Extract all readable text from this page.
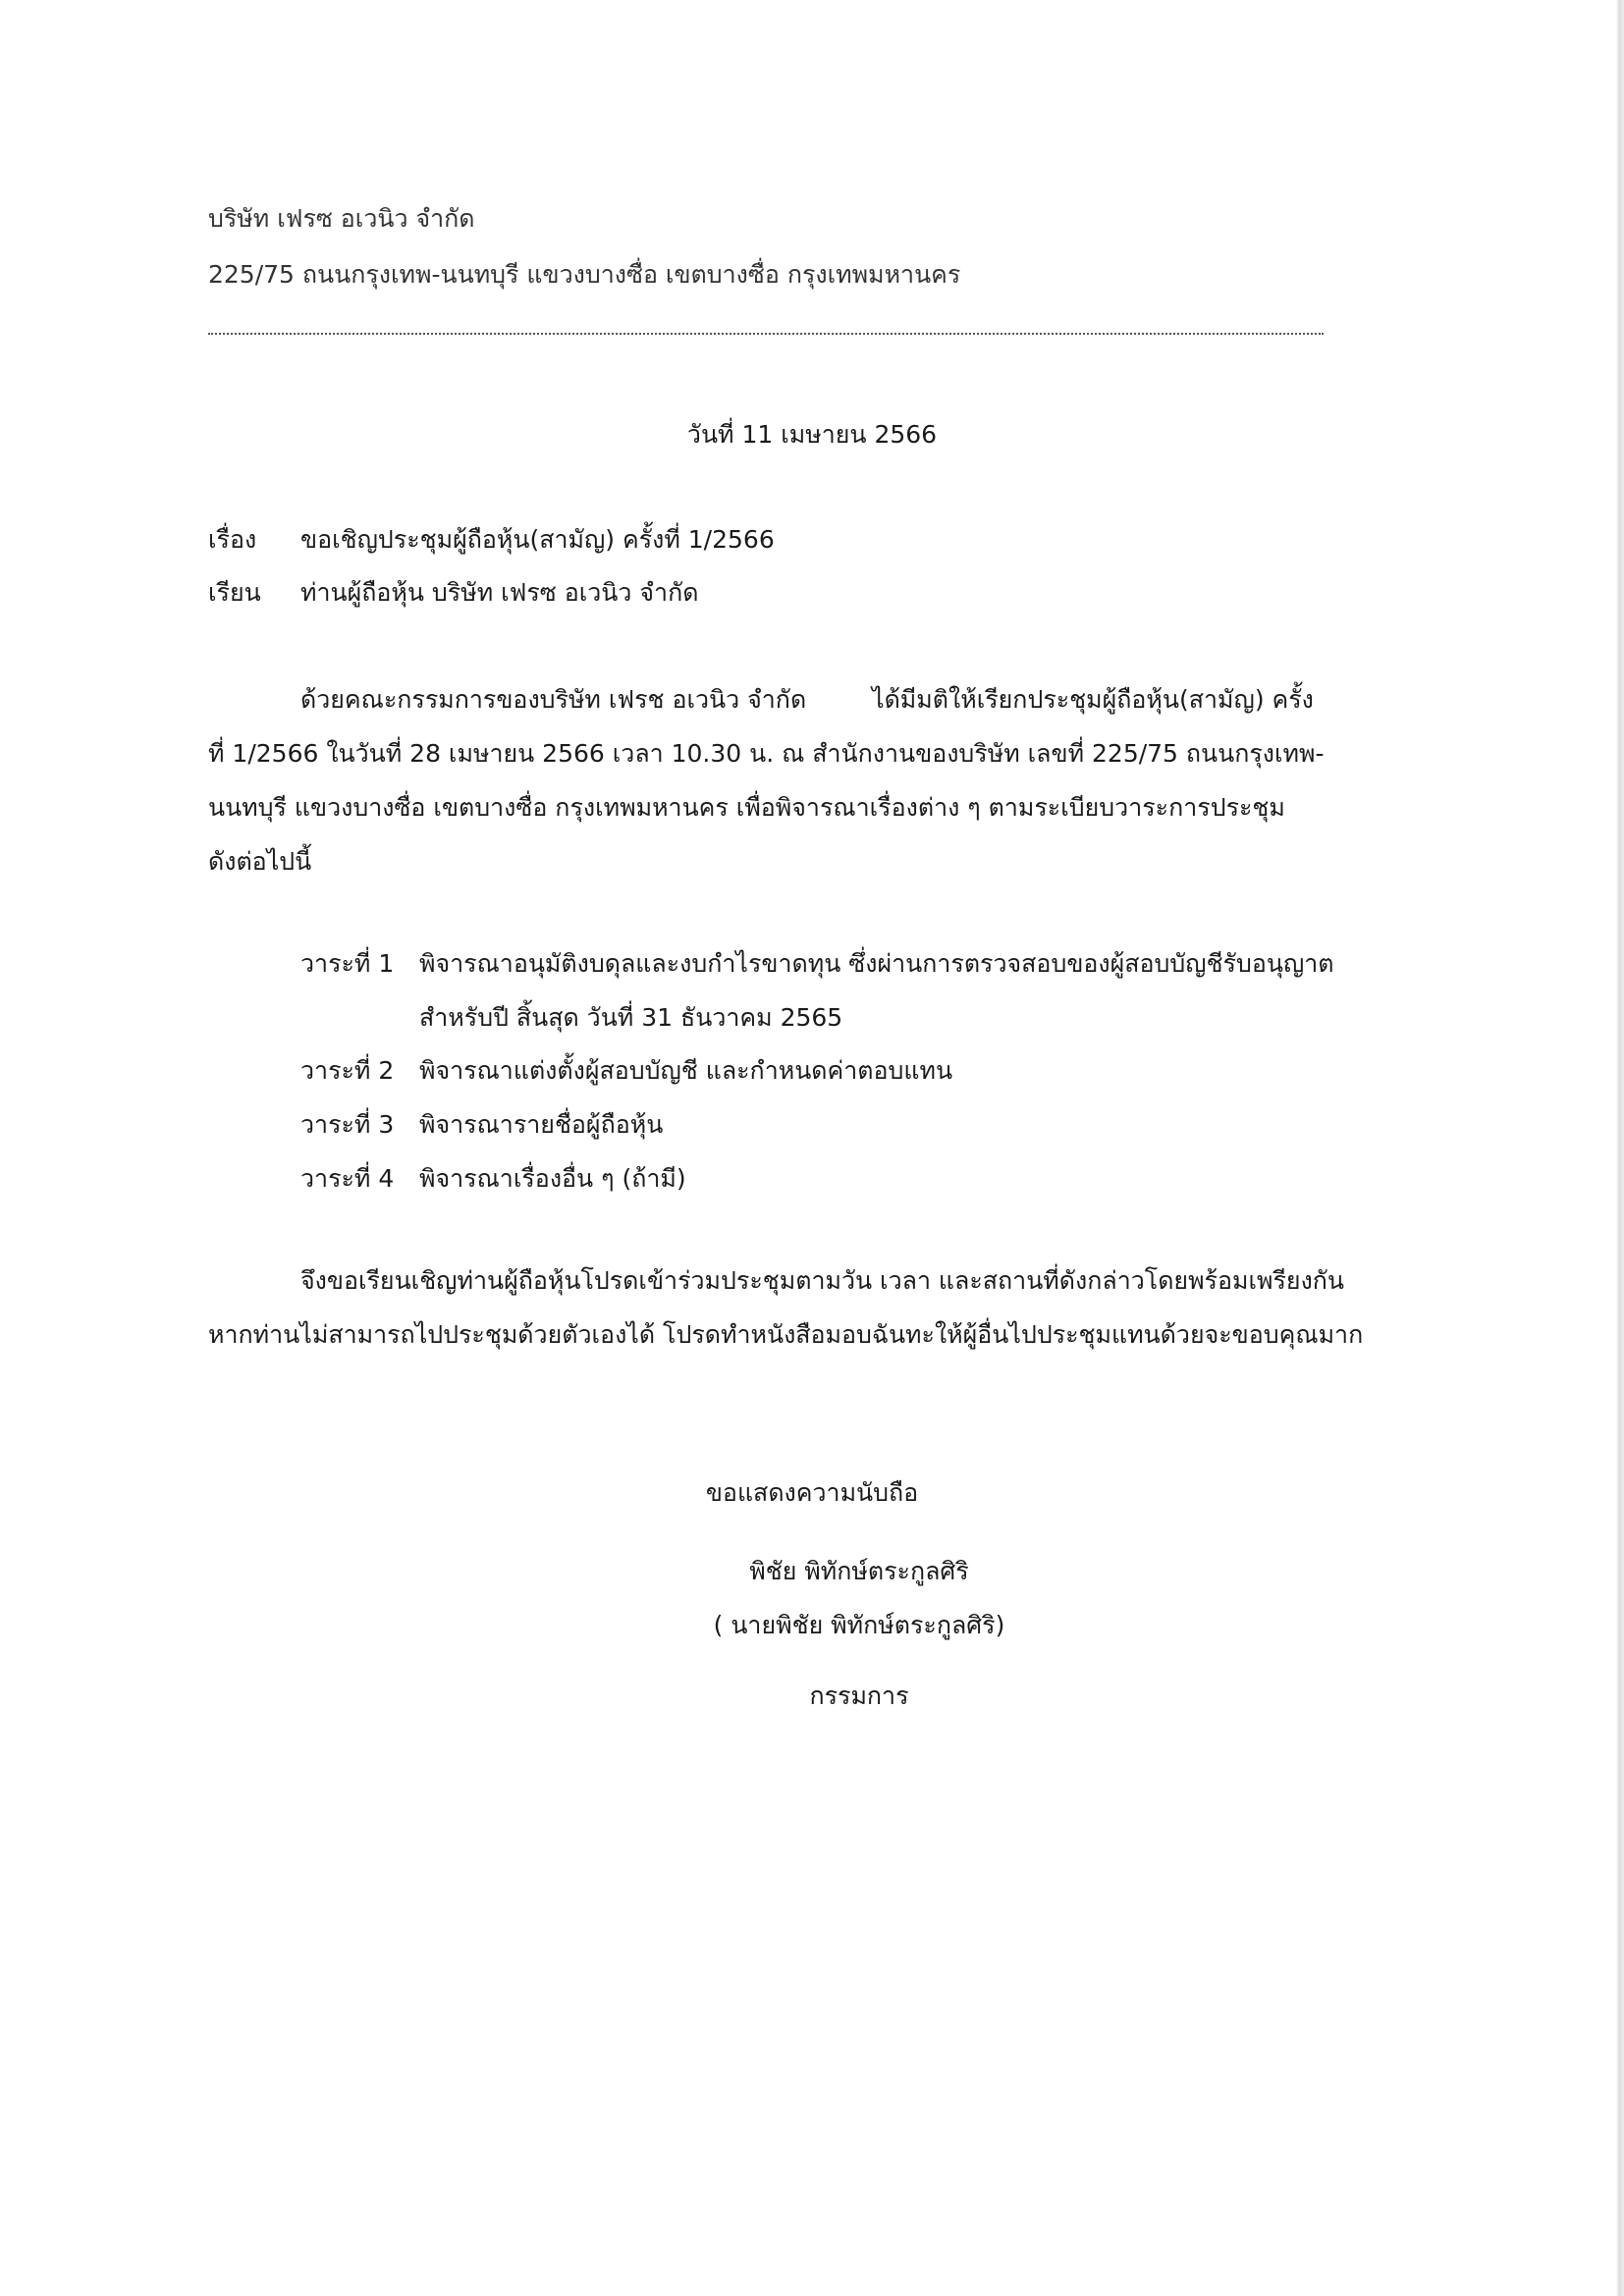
บริษัท เฟรซ อเวนิว จำกัด
225/75 ถนนกรุงเทพ-นนทบุรี แขวงบางซื่อ เขตบางซื่อ กรุงเทพมหานคร
วันที่ 11 เมษายน 2566
เรื่อง ขอเชิญประชุมผู้ถือหุ้น(สามัญ) ครั้งที่ 1/2566
เรียน ท่านผู้ถือหุ้น บริษัท เฟรซ อเวนิว จำกัด
ด้วยคณะกรรมการของบริษัท เฟรช อเวนิว จำกัด	ได้มีมติให้เรียกประชุมผู้ถือหุ้น(สามัญ) ครั้ง
ที่ 1/2566 ในวันที่ 28 เมษายน 2566 เวลา 10.30 น. ณ สำนักงานของบริษัท เลขที่ 225/75 ถนนกรุงเทพ-
นนทบุรี แขวงบางซื่อ เขตบางซื่อ กรุงเทพมหานคร เพื่อพิจารณาเรื่องต่าง ๆ ตามระเบียบวาระการประชุม
ดังต่อไปนี้
วาระที่ 1 พิจารณาอนุมัติงบดุลและงบกำไรขาดทุน ซึ่งผ่านการตรวจสอบของผู้สอบบัญชีรับอนุญาต
สำหรับปี สิ้นสุด วันที่ 31 ธันวาคม 2565
วาระที่ 2 พิจารณาแต่งตั้งผู้สอบบัญชี และกำหนดค่าตอบแทน
วาระที่ 3 พิจารณารายชื่อผู้ถือหุ้น
วาระที่ 4 พิจารณาเรื่องอื่น ๆ (ถ้ามี)
จึงขอเรียนเชิญท่านผู้ถือหุ้นโปรดเข้าร่วมประชุมตามวัน เวลา และสถานที่ดังกล่าวโดยพร้อมเพรียงกัน
หากท่านไม่สามารถไปประชุมด้วยตัวเองได้ โปรดทำหนังสือมอบฉันทะให้ผู้อื่นไปประชุมแทนด้วยจะขอบคุณมาก
ขอแสดงความนับถือ
พิชัย พิทักษ์ตระกูลศิริ
( นายพิชัย พิทักษ์ตระกูลศิริ)
กรรมการ
